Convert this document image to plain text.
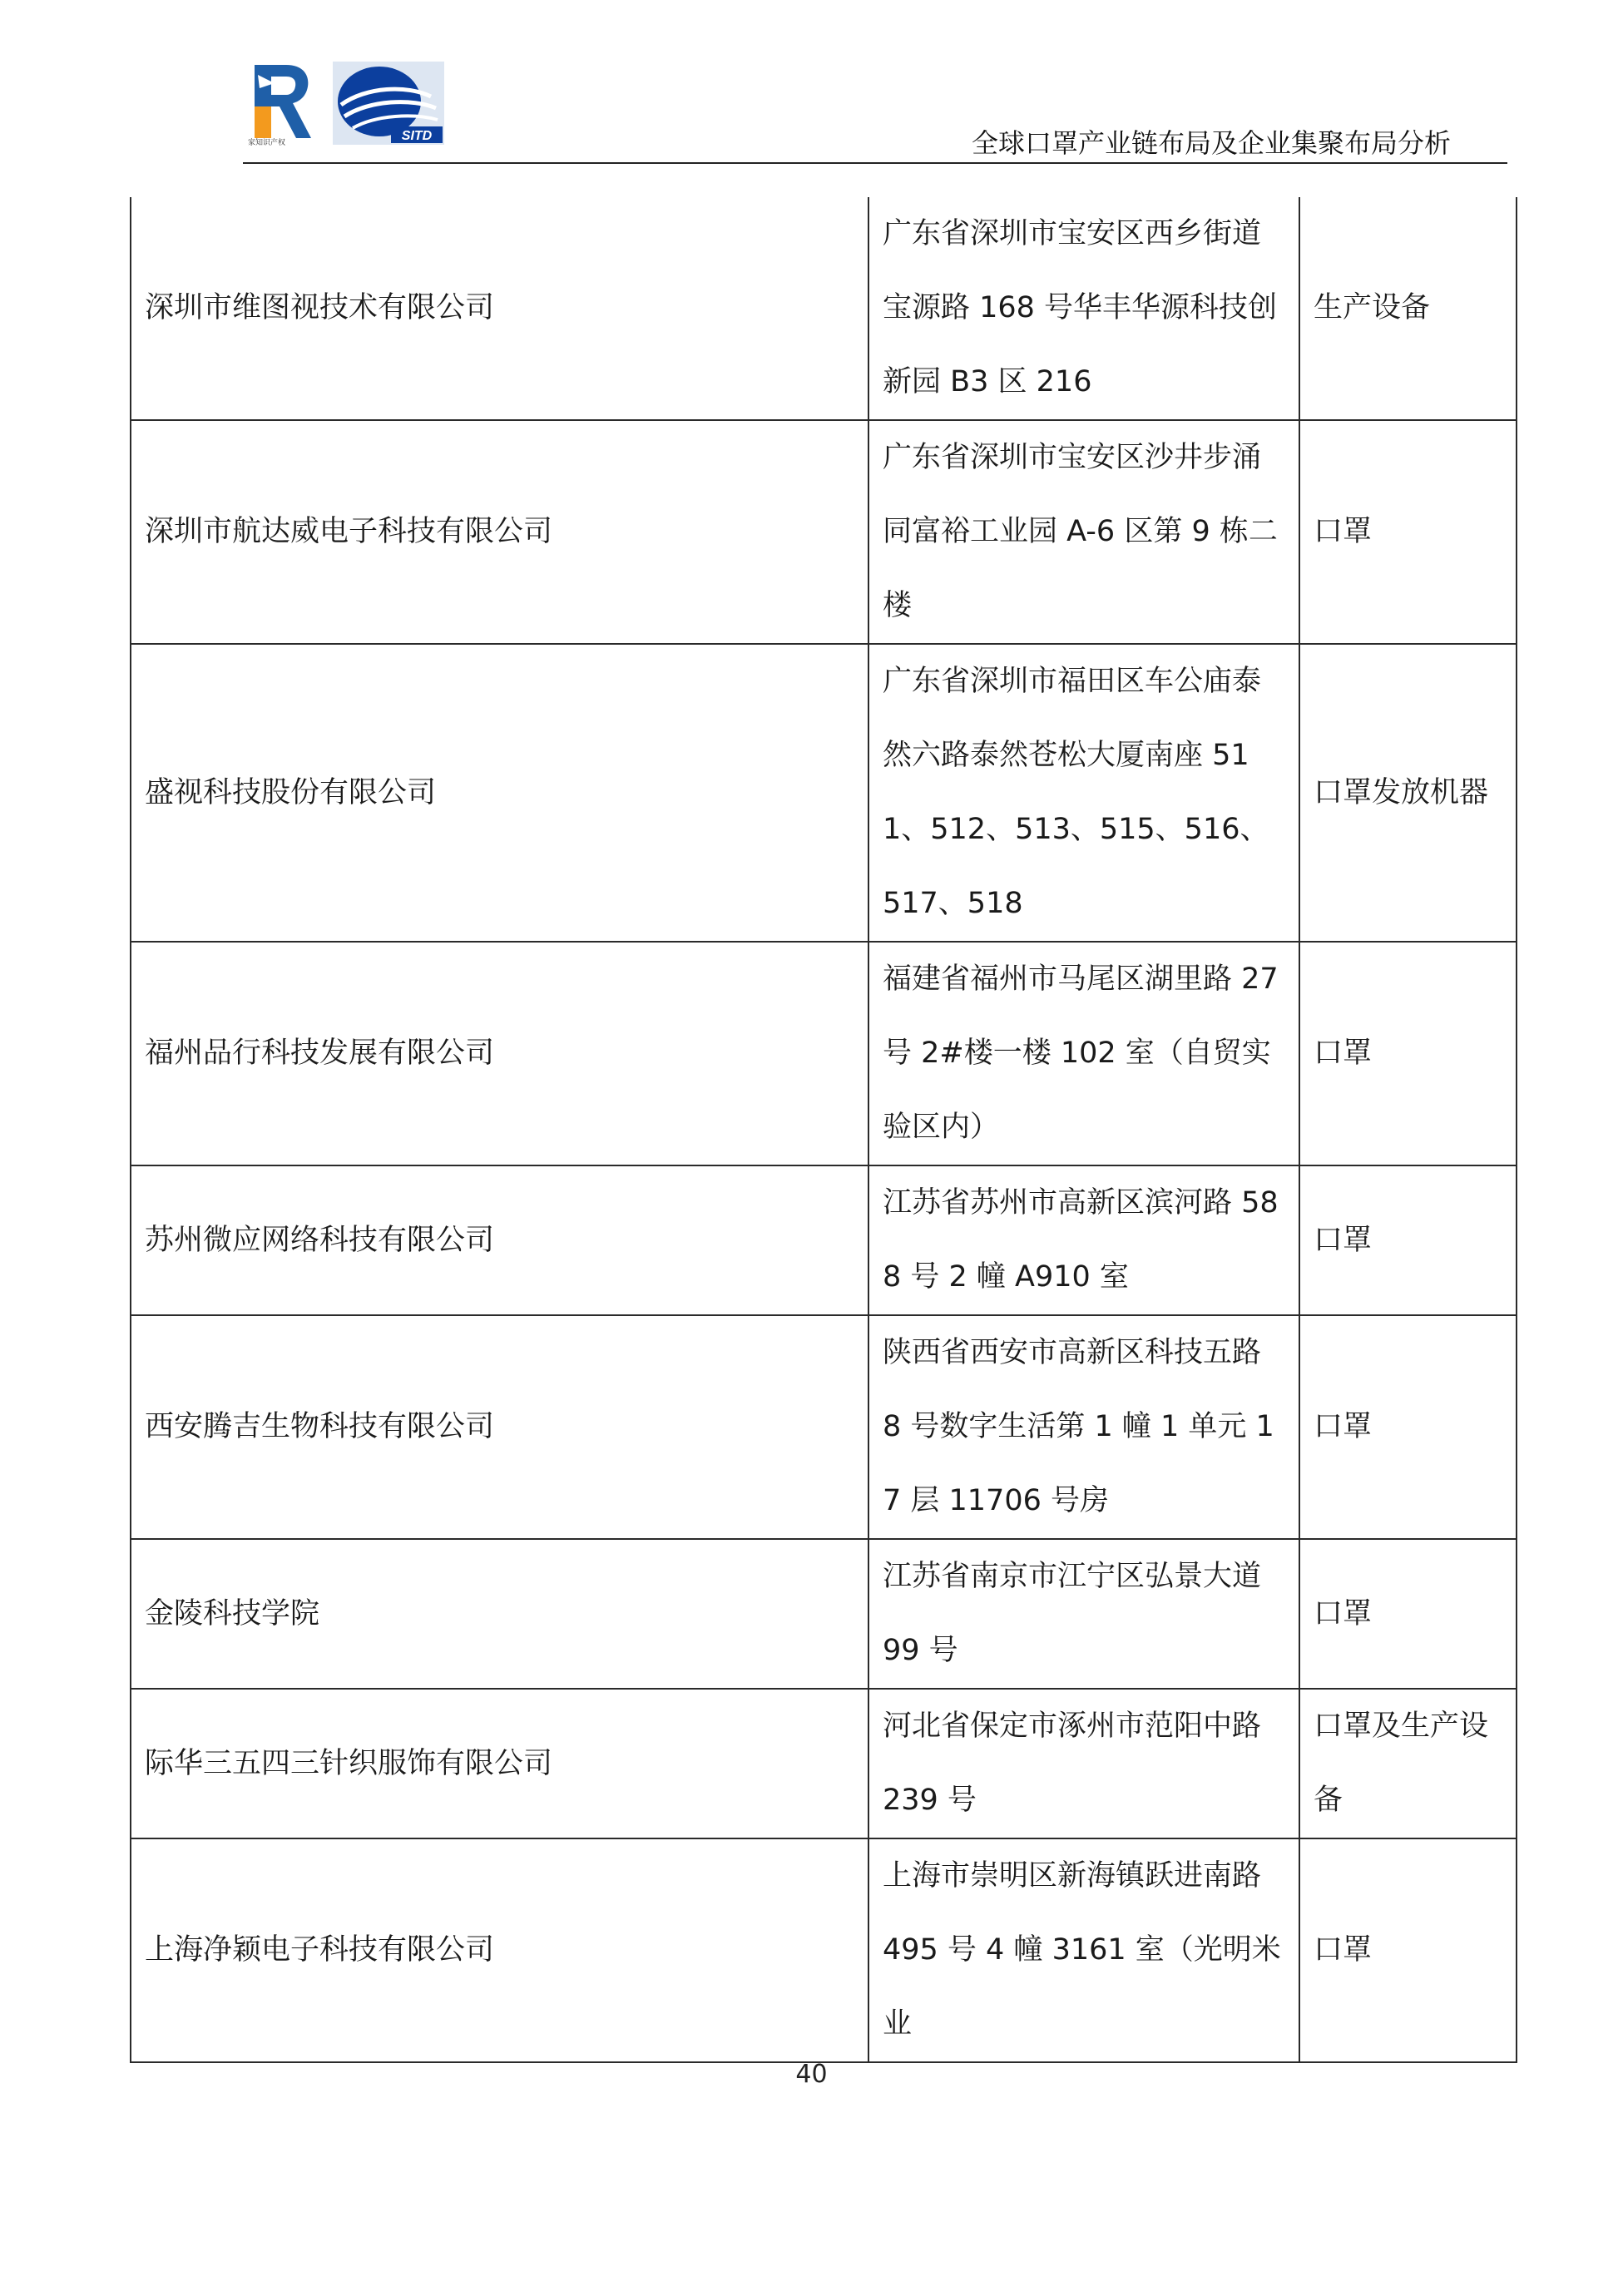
家知识产权	SITD	全球口罩产业链布局及企业集聚布局分析
深圳市维图视技术有限公司	广东省深圳市宝安区西乡街道宝源路 168 号华丰华源科技创新园 B3 区 216	生产设备
深圳市航达威电子科技有限公司	广东省深圳市宝安区沙井步涌同富裕工业园 A-6 区第 9 栋二楼	口罩
盛视科技股份有限公司	广东省深圳市福田区车公庙泰然六路泰然苍松大厦南座 511、512、513、515、516、517、518	口罩发放机器
福州品行科技发展有限公司	福建省福州市马尾区湖里路 27 号 2#楼一楼 102 室（自贸实验区内）	口罩
苏州微应网络科技有限公司	江苏省苏州市高新区滨河路 588 号 2 幢 A910 室	口罩
西安腾吉生物科技有限公司	陕西省西安市高新区科技五路 8 号数字生活第 1 幢 1 单元 17 层 11706 号房	口罩
金陵科技学院	江苏省南京市江宁区弘景大道 99 号	口罩
际华三五四三针织服饰有限公司	河北省保定市涿州市范阳中路 239 号	口罩及生产设备
上海净颖电子科技有限公司	上海市崇明区新海镇跃进南路 495 号 4 幢 3161 室（光明米业	口罩
40
